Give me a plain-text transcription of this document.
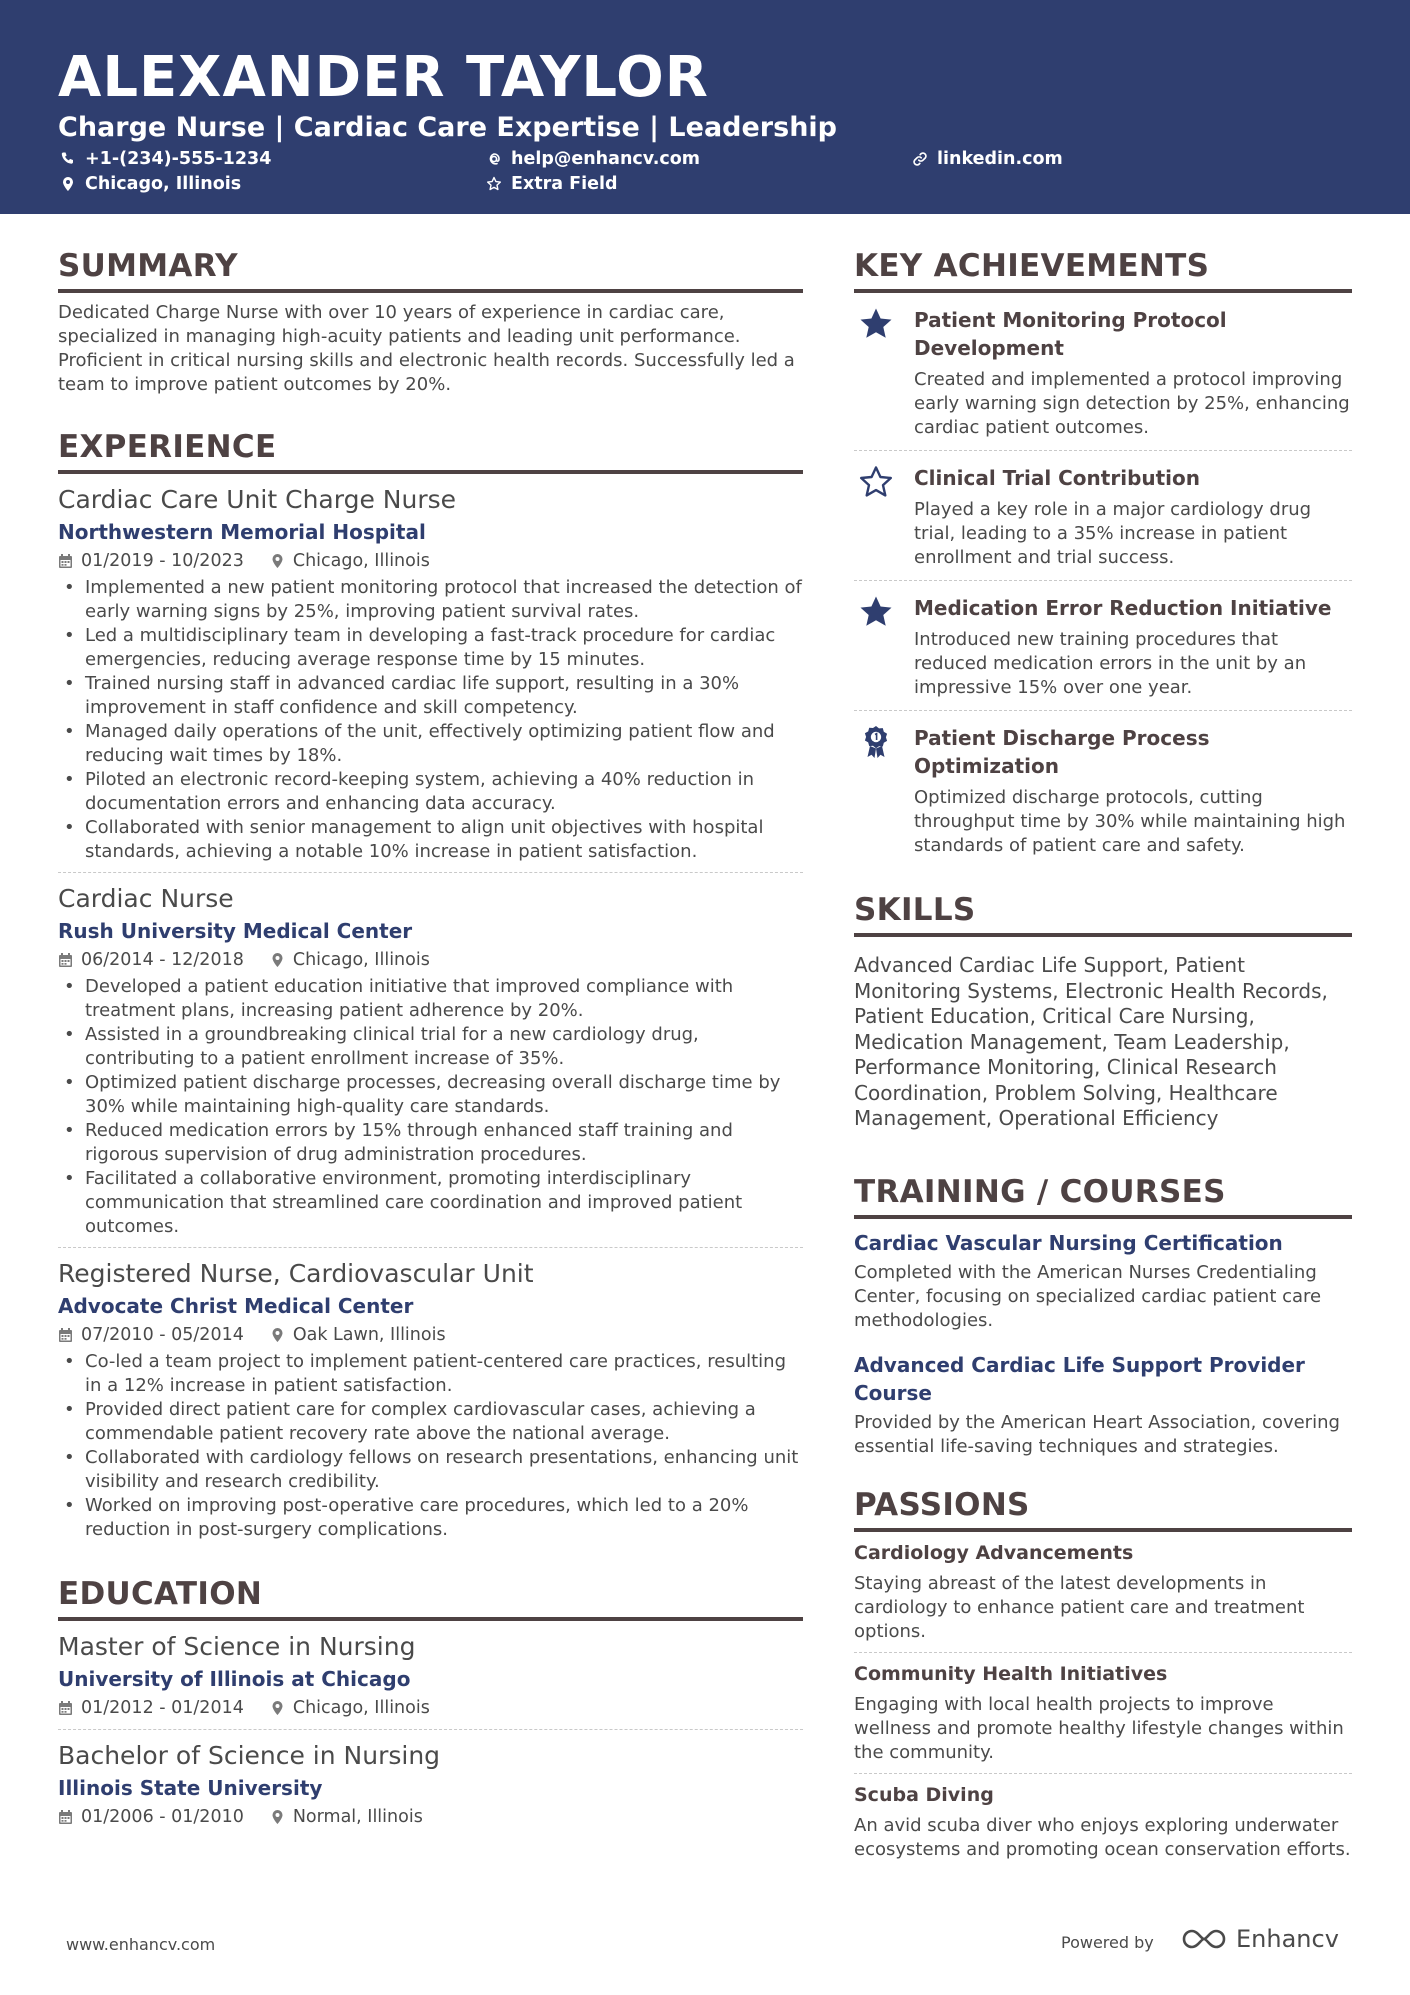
ALEXANDER TAYLOR
Charge Nurse | Cardiac Care Expertise | Leadership
+1-(234)-555-1234	help@enhancv.com	linkedin.com
Chicago, Illinois	Extra Field
SUMMARY
Dedicated Charge Nurse with over 10 years of experience in cardiac care, specialized in managing high-acuity patients and leading unit performance. Proficient in critical nursing skills and electronic health records. Successfully led a team to improve patient outcomes by 20%.
EXPERIENCE
Cardiac Care Unit Charge Nurse
Northwestern Memorial Hospital
01/2019 - 10/2023	Chicago, Illinois
• Implemented a new patient monitoring protocol that increased the detection of early warning signs by 25%, improving patient survival rates.
• Led a multidisciplinary team in developing a fast-track procedure for cardiac emergencies, reducing average response time by 15 minutes.
• Trained nursing staff in advanced cardiac life support, resulting in a 30% improvement in staff confidence and skill competency.
• Managed daily operations of the unit, effectively optimizing patient flow and reducing wait times by 18%.
• Piloted an electronic record-keeping system, achieving a 40% reduction in documentation errors and enhancing data accuracy.
• Collaborated with senior management to align unit objectives with hospital standards, achieving a notable 10% increase in patient satisfaction.
Cardiac Nurse
Rush University Medical Center
06/2014 - 12/2018	Chicago, Illinois
• Developed a patient education initiative that improved compliance with treatment plans, increasing patient adherence by 20%.
• Assisted in a groundbreaking clinical trial for a new cardiology drug, contributing to a patient enrollment increase of 35%.
• Optimized patient discharge processes, decreasing overall discharge time by 30% while maintaining high-quality care standards.
• Reduced medication errors by 15% through enhanced staff training and rigorous supervision of drug administration procedures.
• Facilitated a collaborative environment, promoting interdisciplinary communication that streamlined care coordination and improved patient outcomes.
Registered Nurse, Cardiovascular Unit
Advocate Christ Medical Center
07/2010 - 05/2014	Oak Lawn, Illinois
• Co-led a team project to implement patient-centered care practices, resulting in a 12% increase in patient satisfaction.
• Provided direct patient care for complex cardiovascular cases, achieving a commendable patient recovery rate above the national average.
• Collaborated with cardiology fellows on research presentations, enhancing unit visibility and research credibility.
• Worked on improving post-operative care procedures, which led to a 20% reduction in post-surgery complications.
EDUCATION
Master of Science in Nursing
University of Illinois at Chicago
01/2012 - 01/2014	Chicago, Illinois
Bachelor of Science in Nursing
Illinois State University
01/2006 - 01/2010	Normal, Illinois
KEY ACHIEVEMENTS
Patient Monitoring Protocol Development
Created and implemented a protocol improving early warning sign detection by 25%, enhancing cardiac patient outcomes.
Clinical Trial Contribution
Played a key role in a major cardiology drug trial, leading to a 35% increase in patient enrollment and trial success.
Medication Error Reduction Initiative
Introduced new training procedures that reduced medication errors in the unit by an impressive 15% over one year.
Patient Discharge Process Optimization
Optimized discharge protocols, cutting throughput time by 30% while maintaining high standards of patient care and safety.
SKILLS
Advanced Cardiac Life Support, Patient Monitoring Systems, Electronic Health Records, Patient Education, Critical Care Nursing, Medication Management, Team Leadership, Performance Monitoring, Clinical Research Coordination, Problem Solving, Healthcare Management, Operational Efficiency
TRAINING / COURSES
Cardiac Vascular Nursing Certification
Completed with the American Nurses Credentialing Center, focusing on specialized cardiac patient care methodologies.
Advanced Cardiac Life Support Provider Course
Provided by the American Heart Association, covering essential life-saving techniques and strategies.
PASSIONS
Cardiology Advancements
Staying abreast of the latest developments in cardiology to enhance patient care and treatment options.
Community Health Initiatives
Engaging with local health projects to improve wellness and promote healthy lifestyle changes within the community.
Scuba Diving
An avid scuba diver who enjoys exploring underwater ecosystems and promoting ocean conservation efforts.
www.enhancv.com	Powered by	Enhancv
